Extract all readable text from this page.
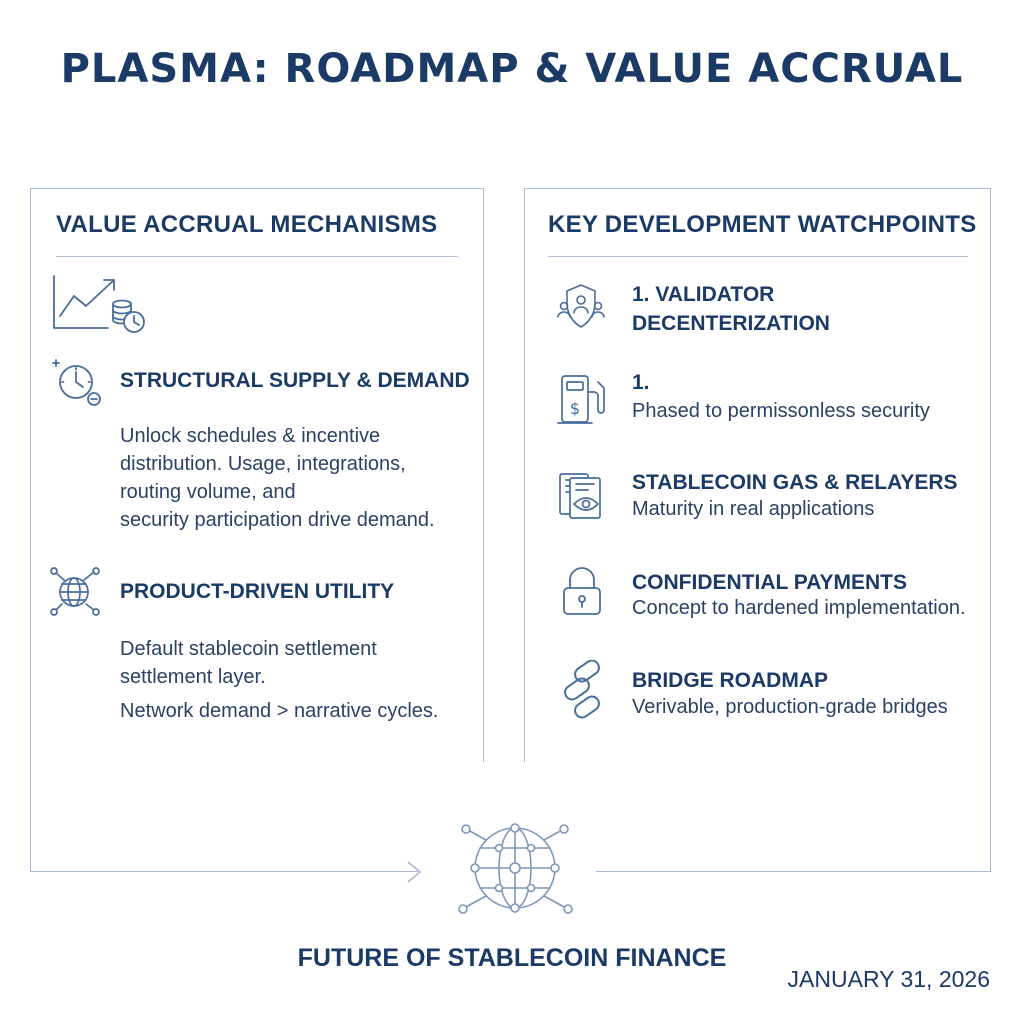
PLASMA: ROADMAP & VALUE ACCRUAL
VALUE ACCRUAL MECHANISMS
STRUCTURAL SUPPLY & DEMAND
Unlock schedules & incentive
distribution. Usage, integrations,
routing volume, and
security participation drive demand.
PRODUCT-DRIVEN UTILITY
Default stablecoin settlement
settlement layer.
Network demand > narrative cycles.
KEY DEVELOPMENT WATCHPOINTS
1. VALIDATOR
DECENTERIZATION
$
1.
Phased to permissonless security
STABLECOIN GAS & RELAYERS
Maturity in real applications
CONFIDENTIAL PAYMENTS
Concept to hardened implementation.
BRIDGE ROADMAP
Verivable, production-grade bridges
FUTURE OF STABLECOIN FINANCE
JANUARY 31, 2026
